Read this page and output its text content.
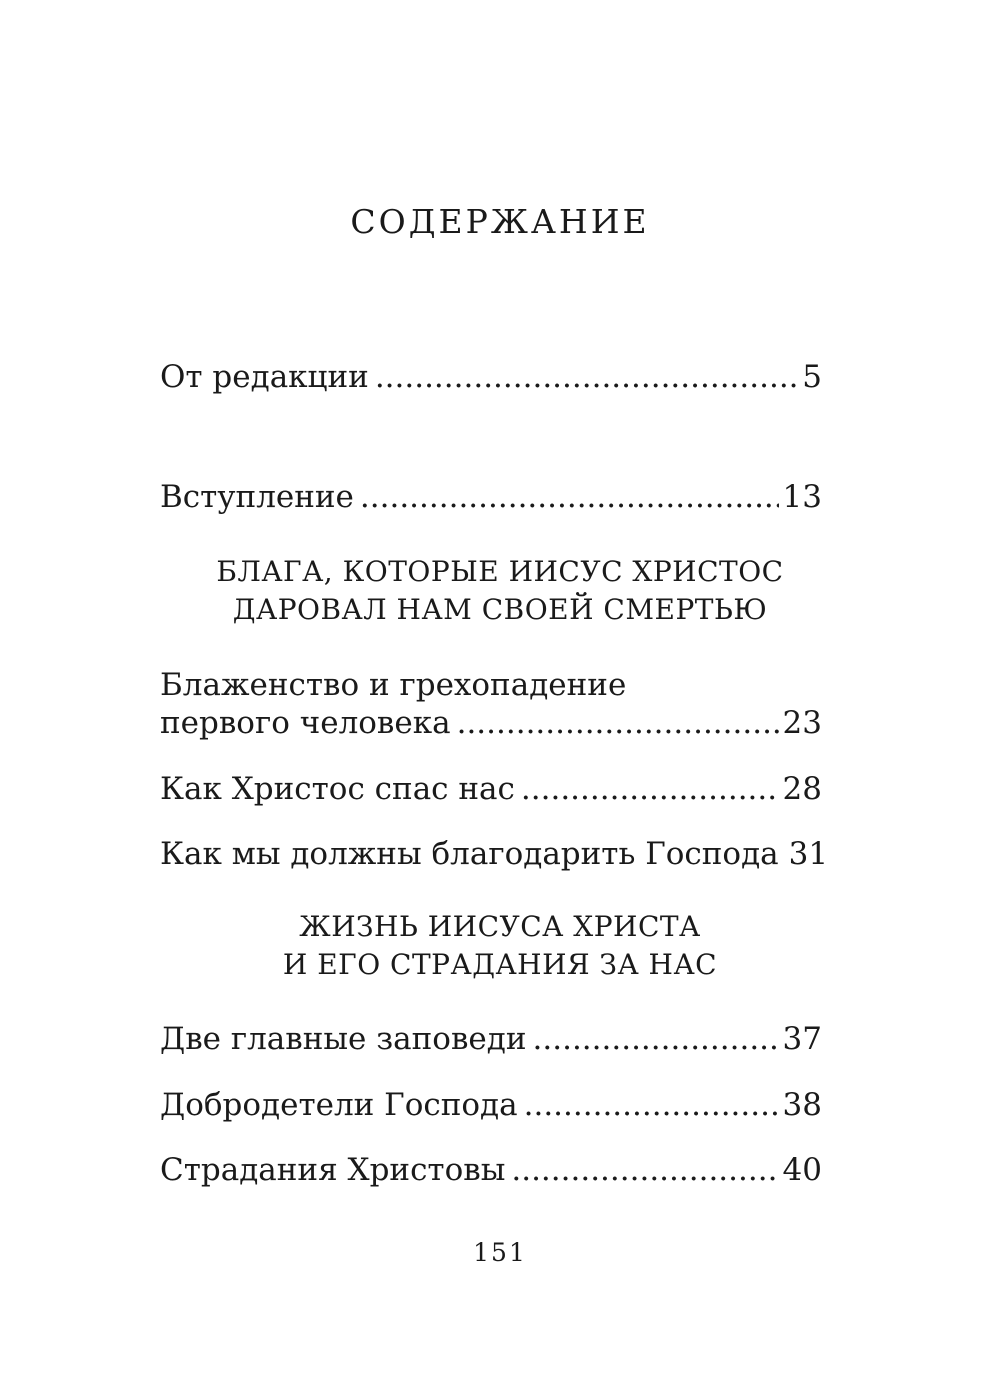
СОДЕРЖАНИЕ
От редакции .....	5
Вступление .....	13
БЛАГА, КОТОРЫЕ ИИСУС ХРИСТОС
ДАРОВАЛ НАМ СВОЕЙ СМЕРТЬЮ
Блаженство и грехопадение
первого человека .....	23
Как Христос спас нас .....	28
Как мы должны благодарить Господа 31
ЖИЗНЬ ИИСУСА ХРИСТА
И ЕГО СТРАДАНИЯ ЗА НАС
Две главные заповеди .....	37
Добродетели Господа .....	38
Страдания Христовы .....	40
151
